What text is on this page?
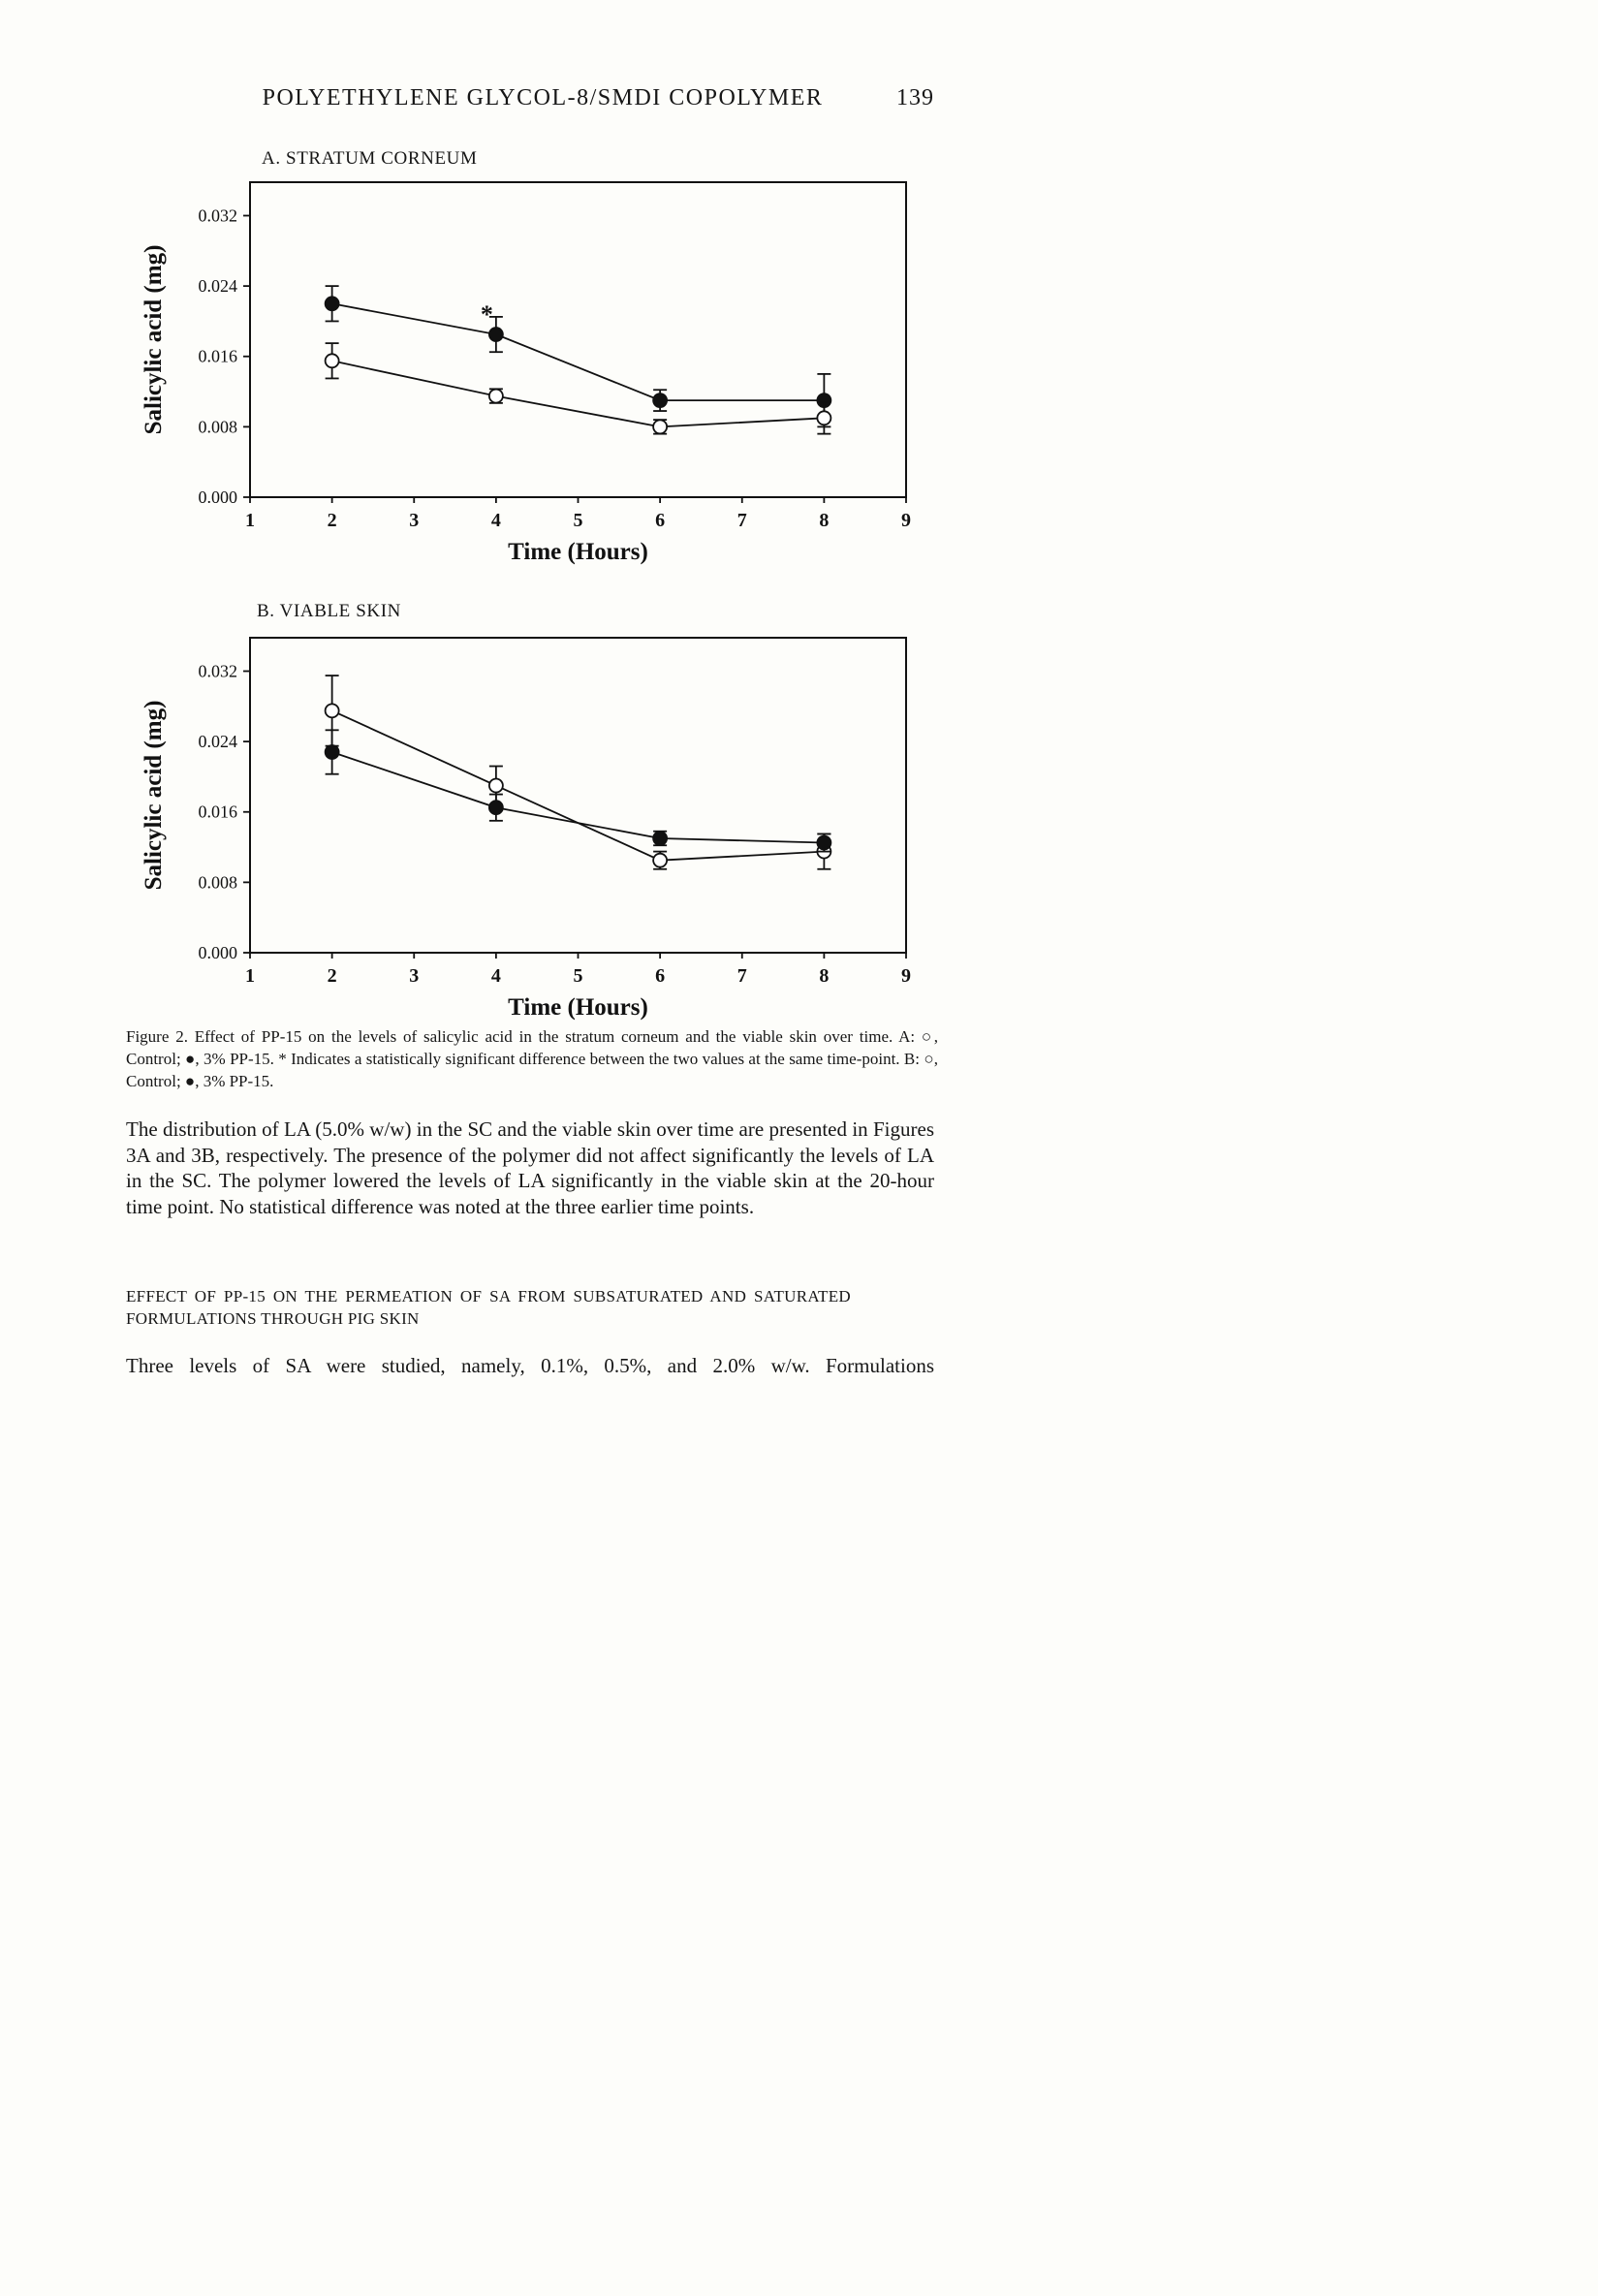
POLYETHYLENE GLYCOL-8/SMDI COPOLYMER	139
A. STRATUM CORNEUM
0.000
0.008
0.016
0.024
0.032
1	2	3	4	5	6	7	8	9
*
Time (Hours)
Salicylic acid (mg)
B. VIABLE SKIN
0.000
0.008
0.016
0.024
0.032
1	2	3	4	5	6	7	8	9
Time (Hours)
Salicylic acid (mg)

Figure 2. Effect of PP-15 on the levels of salicylic acid in the stratum corneum and the viable skin over time. A: ○, Control; ●, 3% PP-15. * Indicates a statistically significant difference between the two values at the same time-point. B: ○, Control; ●, 3% PP-15.

The distribution of LA (5.0% w/w) in the SC and the viable skin over time are presented in Figures 3A and 3B, respectively. The presence of the polymer did not affect significantly the levels of LA in the SC. The polymer lowered the levels of LA significantly in the viable skin at the 20-hour time point. No statistical difference was noted at the three earlier time points.

EFFECT OF PP-15 ON THE PERMEATION OF SA FROM SUBSATURATED AND SATURATED FORMULATIONS THROUGH PIG SKIN

Three levels of SA were studied, namely, 0.1%, 0.5%, and 2.0% w/w. Formulations
